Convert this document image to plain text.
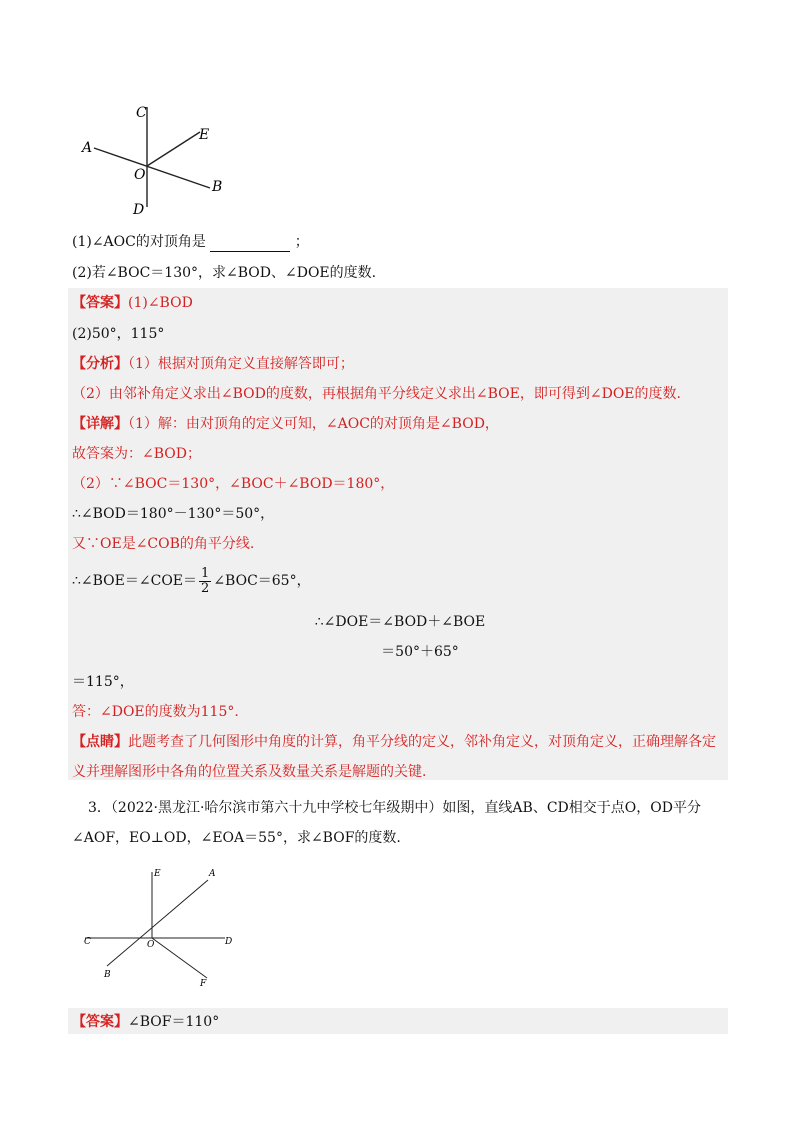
C
E
A
O
B
D
(1)∠AOC的对顶角是	；
(2)若∠BOC＝130°，求∠BOD、∠DOE的度数.
【答案】(1)∠BOD
(2)50°，115°
【分析】（1）根据对顶角定义直接解答即可；
（2）由邻补角定义求出∠BOD的度数，再根据角平分线定义求出∠BOE，即可得到∠DOE的度数.
【详解】（1）解：由对顶角的定义可知，∠AOC的对顶角是∠BOD，
故答案为：∠BOD；
（2）∵∠BOC＝130°，∠BOC＋∠BOD＝180°，
∴∠BOD＝180°－130°＝50°，
又∵OE是∠COB的角平分线.
∴∠BOE＝∠COE＝ $\frac{1}{2}$ ∠BOC＝65°，
∴∠DOE＝∠BOD＋∠BOE
＝50°＋65°
＝115°，
答：∠DOE的度数为115°.
【点睛】此题考查了几何图形中角度的计算，角平分线的定义，邻补角定义，对顶角定义，正确理解各定
义并理解图形中各角的位置关系及数量关系是解题的关键.
3．（2022·黑龙江·哈尔滨市第六十九中学校七年级期中）如图，直线AB、CD相交于点O，OD平分
∠AOF，EO⊥OD，∠EOA＝55°，求∠BOF的度数.
E	A
C	O	D
B
F
【答案】∠BOF＝110°
